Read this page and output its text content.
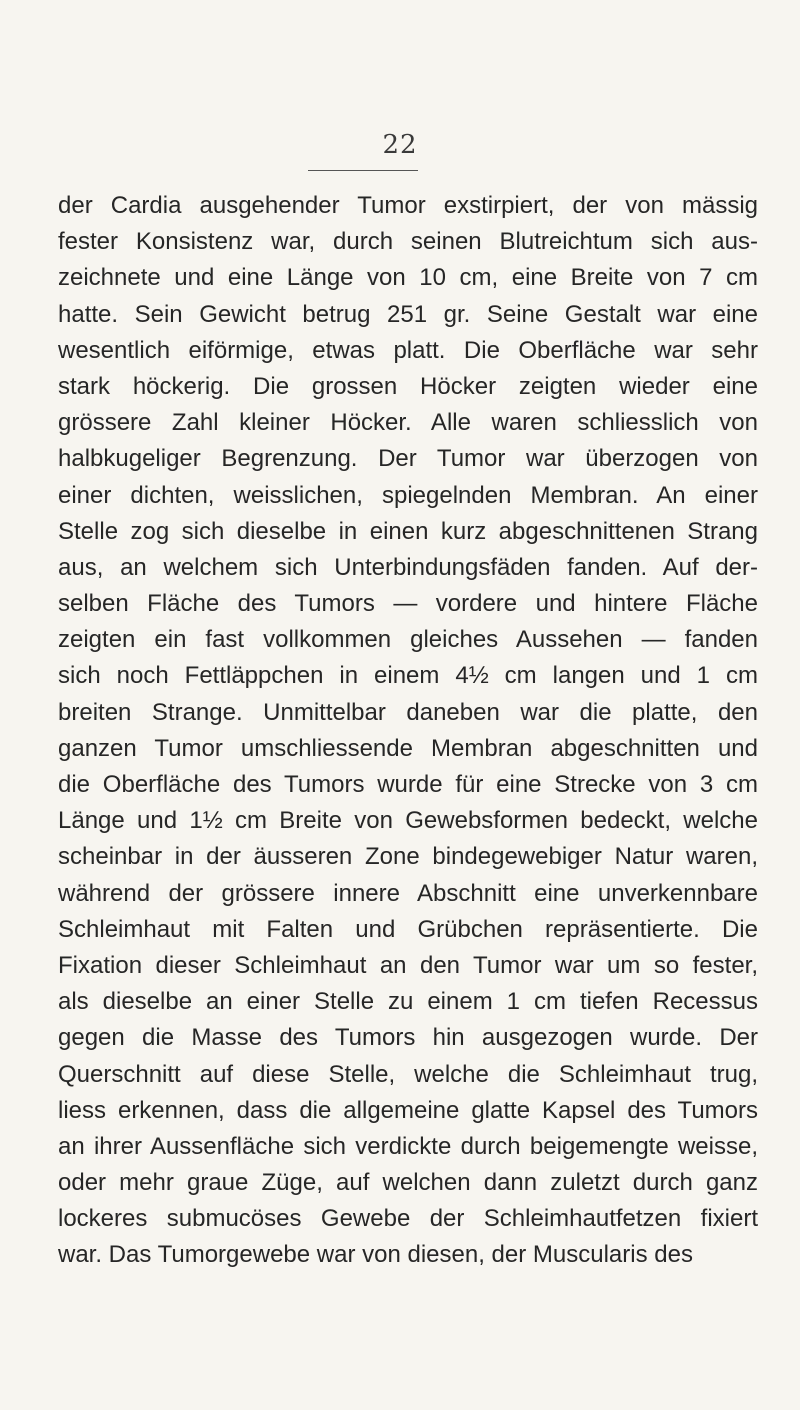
22
der Cardia ausgehender Tumor exstirpiert, der von mässig
fester Konsistenz war, durch seinen Blutreichtum sich aus-
zeichnete und eine Länge von 10 cm, eine Breite von 7 cm
hatte. Sein Gewicht betrug 251 gr. Seine Gestalt war eine
wesentlich eiförmige, etwas platt. Die Oberfläche war sehr
stark höckerig. Die grossen Höcker zeigten wieder eine
grössere Zahl kleiner Höcker. Alle waren schliesslich von
halbkugeliger Begrenzung. Der Tumor war überzogen von
einer dichten, weisslichen, spiegelnden Membran. An einer
Stelle zog sich dieselbe in einen kurz abgeschnittenen Strang
aus, an welchem sich Unterbindungsfäden fanden. Auf der-
selben Fläche des Tumors — vordere und hintere Fläche
zeigten ein fast vollkommen gleiches Aussehen — fanden
sich noch Fettläppchen in einem 4½ cm langen und 1 cm
breiten Strange. Unmittelbar daneben war die platte, den
ganzen Tumor umschliessende Membran abgeschnitten und
die Oberfläche des Tumors wurde für eine Strecke von 3 cm
Länge und 1½ cm Breite von Gewebsformen bedeckt, welche
scheinbar in der äusseren Zone bindegewebiger Natur waren,
während der grössere innere Abschnitt eine unverkennbare
Schleimhaut mit Falten und Grübchen repräsentierte. Die
Fixation dieser Schleimhaut an den Tumor war um so fester,
als dieselbe an einer Stelle zu einem 1 cm tiefen Recessus
gegen die Masse des Tumors hin ausgezogen wurde. Der
Querschnitt auf diese Stelle, welche die Schleimhaut trug,
liess erkennen, dass die allgemeine glatte Kapsel des Tumors
an ihrer Aussenfläche sich verdickte durch beigemengte weisse,
oder mehr graue Züge, auf welchen dann zuletzt durch ganz
lockeres submucöses Gewebe der Schleimhautfetzen fixiert
war. Das Tumorgewebe war von diesen, der Muscularis des
